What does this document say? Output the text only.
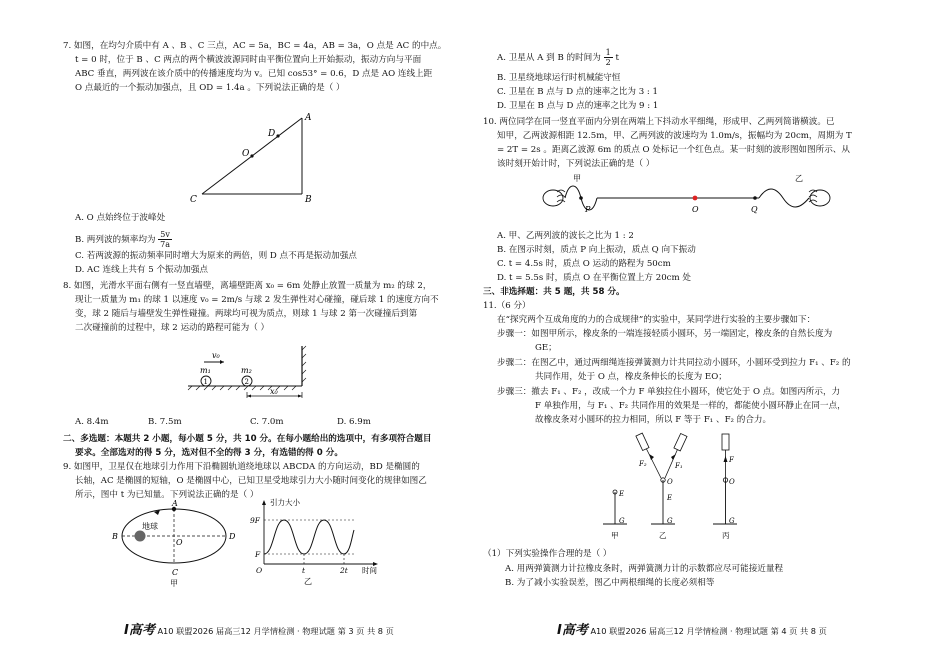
7. 如图，在均匀介质中有 A 、B 、C 三点，AC = 5a，BC = 4a，AB = 3a，O 点是 AC 的中点。
t = 0 时，位于 B 、C 两点的两个横波波源同时由平衡位置向上开始振动，振动方向与平面
ABC 垂直，两列波在该介质中的传播速度均为 v。已知 cos53° = 0.6，D 点是 AO 连线上距
O 点最近的一个振动加强点，且 OD = 1.4a 。下列说法正确的是（ ）
A
B
C
D
O
A. O 点始终位于波峰处
B. 两列波的频率均为 $\frac{5v}{7a}$
C. 若两波源的振动频率同时增大为原来的两倍，则 D 点不再是振动加强点
D. AC 连线上共有 5 个振动加强点
8. 如图，光滑水平面右侧有一竖直墙壁，离墙壁距离 x₀ = 6m 处静止放置一质量为 m₂ 的球 2，
现让一质量为 m₁ 的球 1 以速度 v₀ = 2m/s 与球 2 发生弹性对心碰撞，碰后球 1 的速度方向不
变，球 2 随后与墙壁发生弹性碰撞。两球均可视为质点，则球 1 与球 2 第一次碰撞后到第
二次碰撞前的过程中，球 2 运动的路程可能为（ ）
1	2
m₁	m₂
v₀
x₀
A. 8.4m	B. 7.5m	C. 7.0m	D. 6.9m
二、多选题：本题共 2 小题，每小题 5 分，共 10 分。在每小题给出的选项中，有多项符合题目
要求。全部选对的得 5 分，选对但不全的得 3 分，有选错的得 0 分。
9. 如图甲，卫星仅在地球引力作用下沿椭圆轨道绕地球以 ABCDA 的方向运动，BD 是椭圆的
长轴，AC 是椭圆的短轴，O 是椭圆中心，已知卫星受地球引力大小随时间变化的规律如图乙
所示，图中 t 为已知量。下列说法正确的是（ ）
A
B
C
D
O
地球
甲
引力大小
9F
F
O	t	2t 时间
乙
I高考 A10 联盟2026 届高三12 月学情检测 · 物理试题 第 3 页 共 8 页
A. 卫星从 A 到 B 的时间为 $\frac{1}{2}$ t
B. 卫星绕地球运行时机械能守恒
C. 卫星在 B 点与 D 点的速率之比为 3 : 1
D. 卫星在 B 点与 D 点的速率之比为 9 : 1
10. 两位同学在同一竖直平面内分别在两端上下抖动水平细绳，形成甲、乙两列简谐横波。已
知甲，乙两波源相距 12.5m，甲、乙两列波的波速均为 1.0m/s，振幅均为 20cm，周期为 T
= 2T = 2s 。距离乙波源 6m 的质点 O 处标记一个红色点。某一时刻的波形图如图所示、从
该时刻开始计时，下列说法正确的是（ ）
甲	乙
P	O	Q
A. 甲、乙两列波的波长之比为 1 : 2
B. 在图示时刻，质点 P 向上振动，质点 Q 向下振动
C. t = 4.5s 时，质点 O 运动的路程为 50cm
D. t = 5.5s 时，质点 O 在平衡位置上方 20cm 处
三、非选择题：共 5 题，共 58 分。
11.（6 分）
在“探究两个互成角度的力的合成规律”的实验中，某同学进行实验的主要步骤如下：
步骤一：如图甲所示，橡皮条的一端连接轻质小圆环，另一端固定，橡皮条的自然长度为
GE；
步骤二：在图乙中，通过两细绳连接弹簧测力计共同拉动小圆环，小圆环受到拉力 F₁ 、F₂ 的
共同作用，处于 O 点，橡皮条伸长的长度为 EO；
步骤三：撤去 F₁ 、F₂ ，改成一个力 F 单独拉住小圆环，使它处于 O 点。如图丙所示，力
F 单独作用，与 F₁ 、F₂ 共同作用的效果是一样的，都能使小圆环静止在同一点，
故橡皮条对小圆环的拉力相同，所以 F 等于 F₁ 、F₂ 的合力。
E
G
甲
F₂	F₁
O
E
G
乙
F
O
G
丙
（1）下列实验操作合理的是（ ）
A. 用两弹簧测力计拉橡皮条时，两弹簧测力计的示数都应尽可能接近量程
B. 为了减小实验误差，图乙中两根细绳的长度必须相等
I高考 A10 联盟2026 届高三12 月学情检测 · 物理试题 第 4 页 共 8 页
